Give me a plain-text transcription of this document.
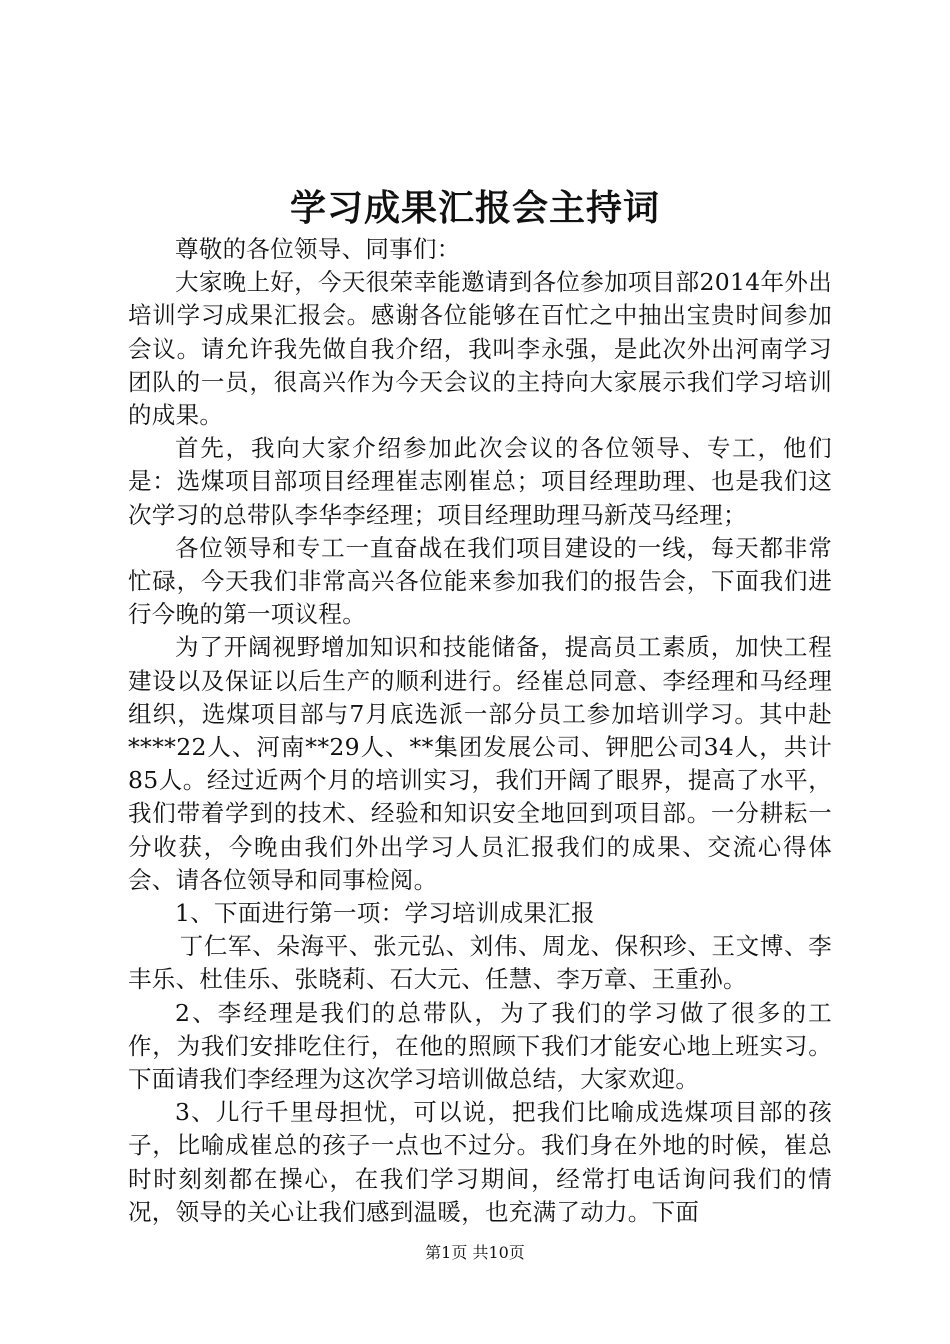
学习成果汇报会主持词

尊敬的各位领导、同事们：

大家晚上好，今天很荣幸能邀请到各位参加项目部2014年外出培训学习成果汇报会。感谢各位能够在百忙之中抽出宝贵时间参加会议。请允许我先做自我介绍，我叫李永强，是此次外出河南学习团队的一员，很高兴作为今天会议的主持向大家展示我们学习培训的成果。

首先，我向大家介绍参加此次会议的各位领导、专工，他们是：选煤项目部项目经理崔志刚崔总；项目经理助理、也是我们这次学习的总带队李华李经理；项目经理助理马新茂马经理；

各位领导和专工一直奋战在我们项目建设的一线，每天都非常忙碌，今天我们非常高兴各位能来参加我们的报告会，下面我们进行今晚的第一项议程。

为了开阔视野增加知识和技能储备，提高员工素质，加快工程建设以及保证以后生产的顺利进行。经崔总同意、李经理和马经理组织，选煤项目部与7月底选派一部分员工参加培训学习。其中赴****22人、河南**29人、**集团发展公司、钾肥公司34人，共计85人。经过近两个月的培训实习，我们开阔了眼界，提高了水平，我们带着学到的技术、经验和知识安全地回到项目部。一分耕耘一分收获，今晚由我们外出学习人员汇报我们的成果、交流心得体会、请各位领导和同事检阅。

1、下面进行第一项：学习培训成果汇报

丁仁军、朵海平、张元弘、刘伟、周龙、保积珍、王文博、李丰乐、杜佳乐、张晓莉、石大元、任慧、李万章、王重孙。

2、李经理是我们的总带队，为了我们的学习做了很多的工作，为我们安排吃住行，在他的照顾下我们才能安心地上班实习。下面请我们李经理为这次学习培训做总结，大家欢迎。

3、儿行千里母担忧，可以说，把我们比喻成选煤项目部的孩子，比喻成崔总的孩子一点也不过分。我们身在外地的时候，崔总时时刻刻都在操心，在我们学习期间，经常打电话询问我们的情况，领导的关心让我们感到温暖，也充满了动力。下面

第1页 共10页
